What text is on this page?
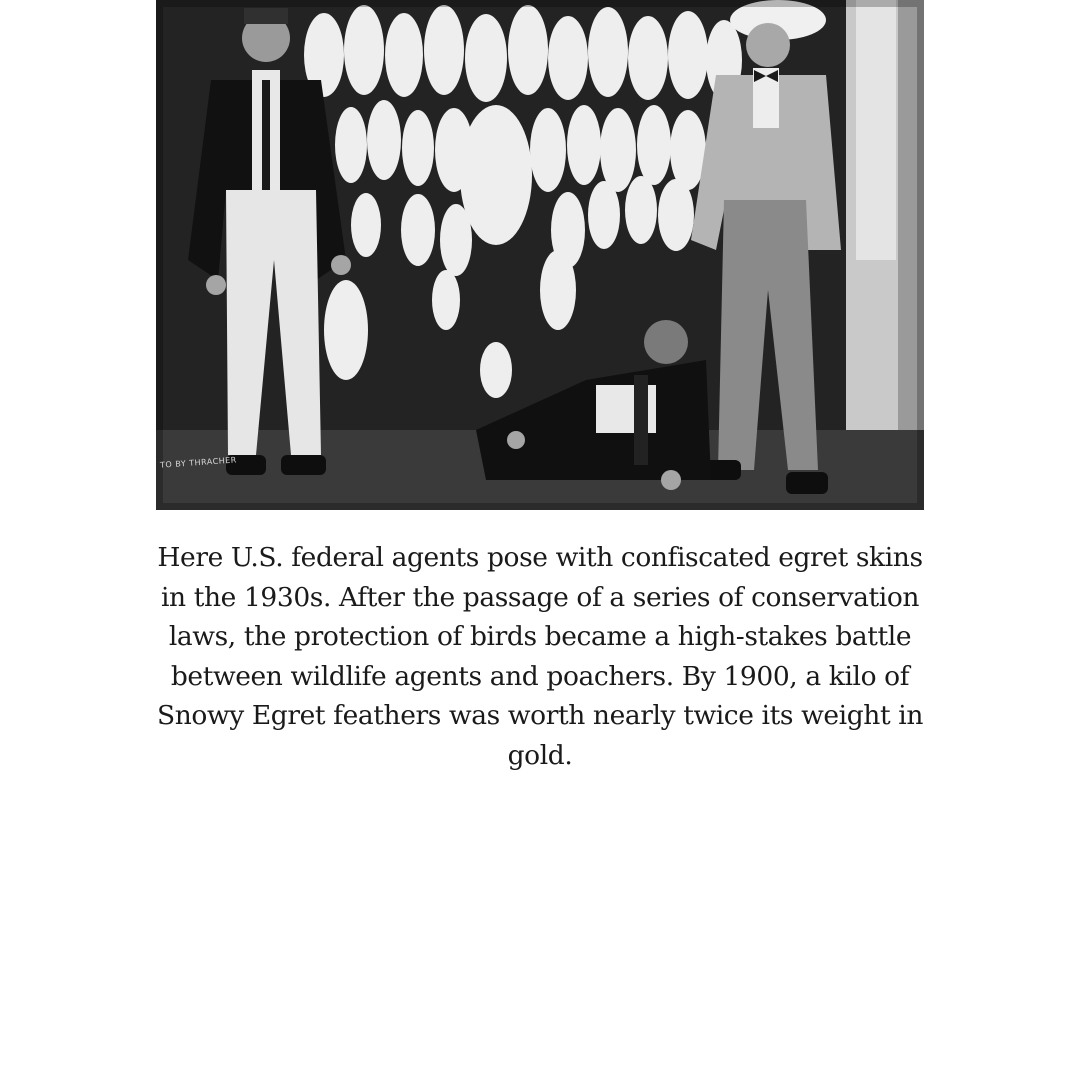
TO BY THRACHER

Here U.S. federal agents pose with confiscated egret skins in the 1930s. After the passage of a series of conservation laws, the protection of birds became a high-stakes battle between wildlife agents and poachers. By 1900, a kilo of Snowy Egret feathers was worth nearly twice its weight in gold.
